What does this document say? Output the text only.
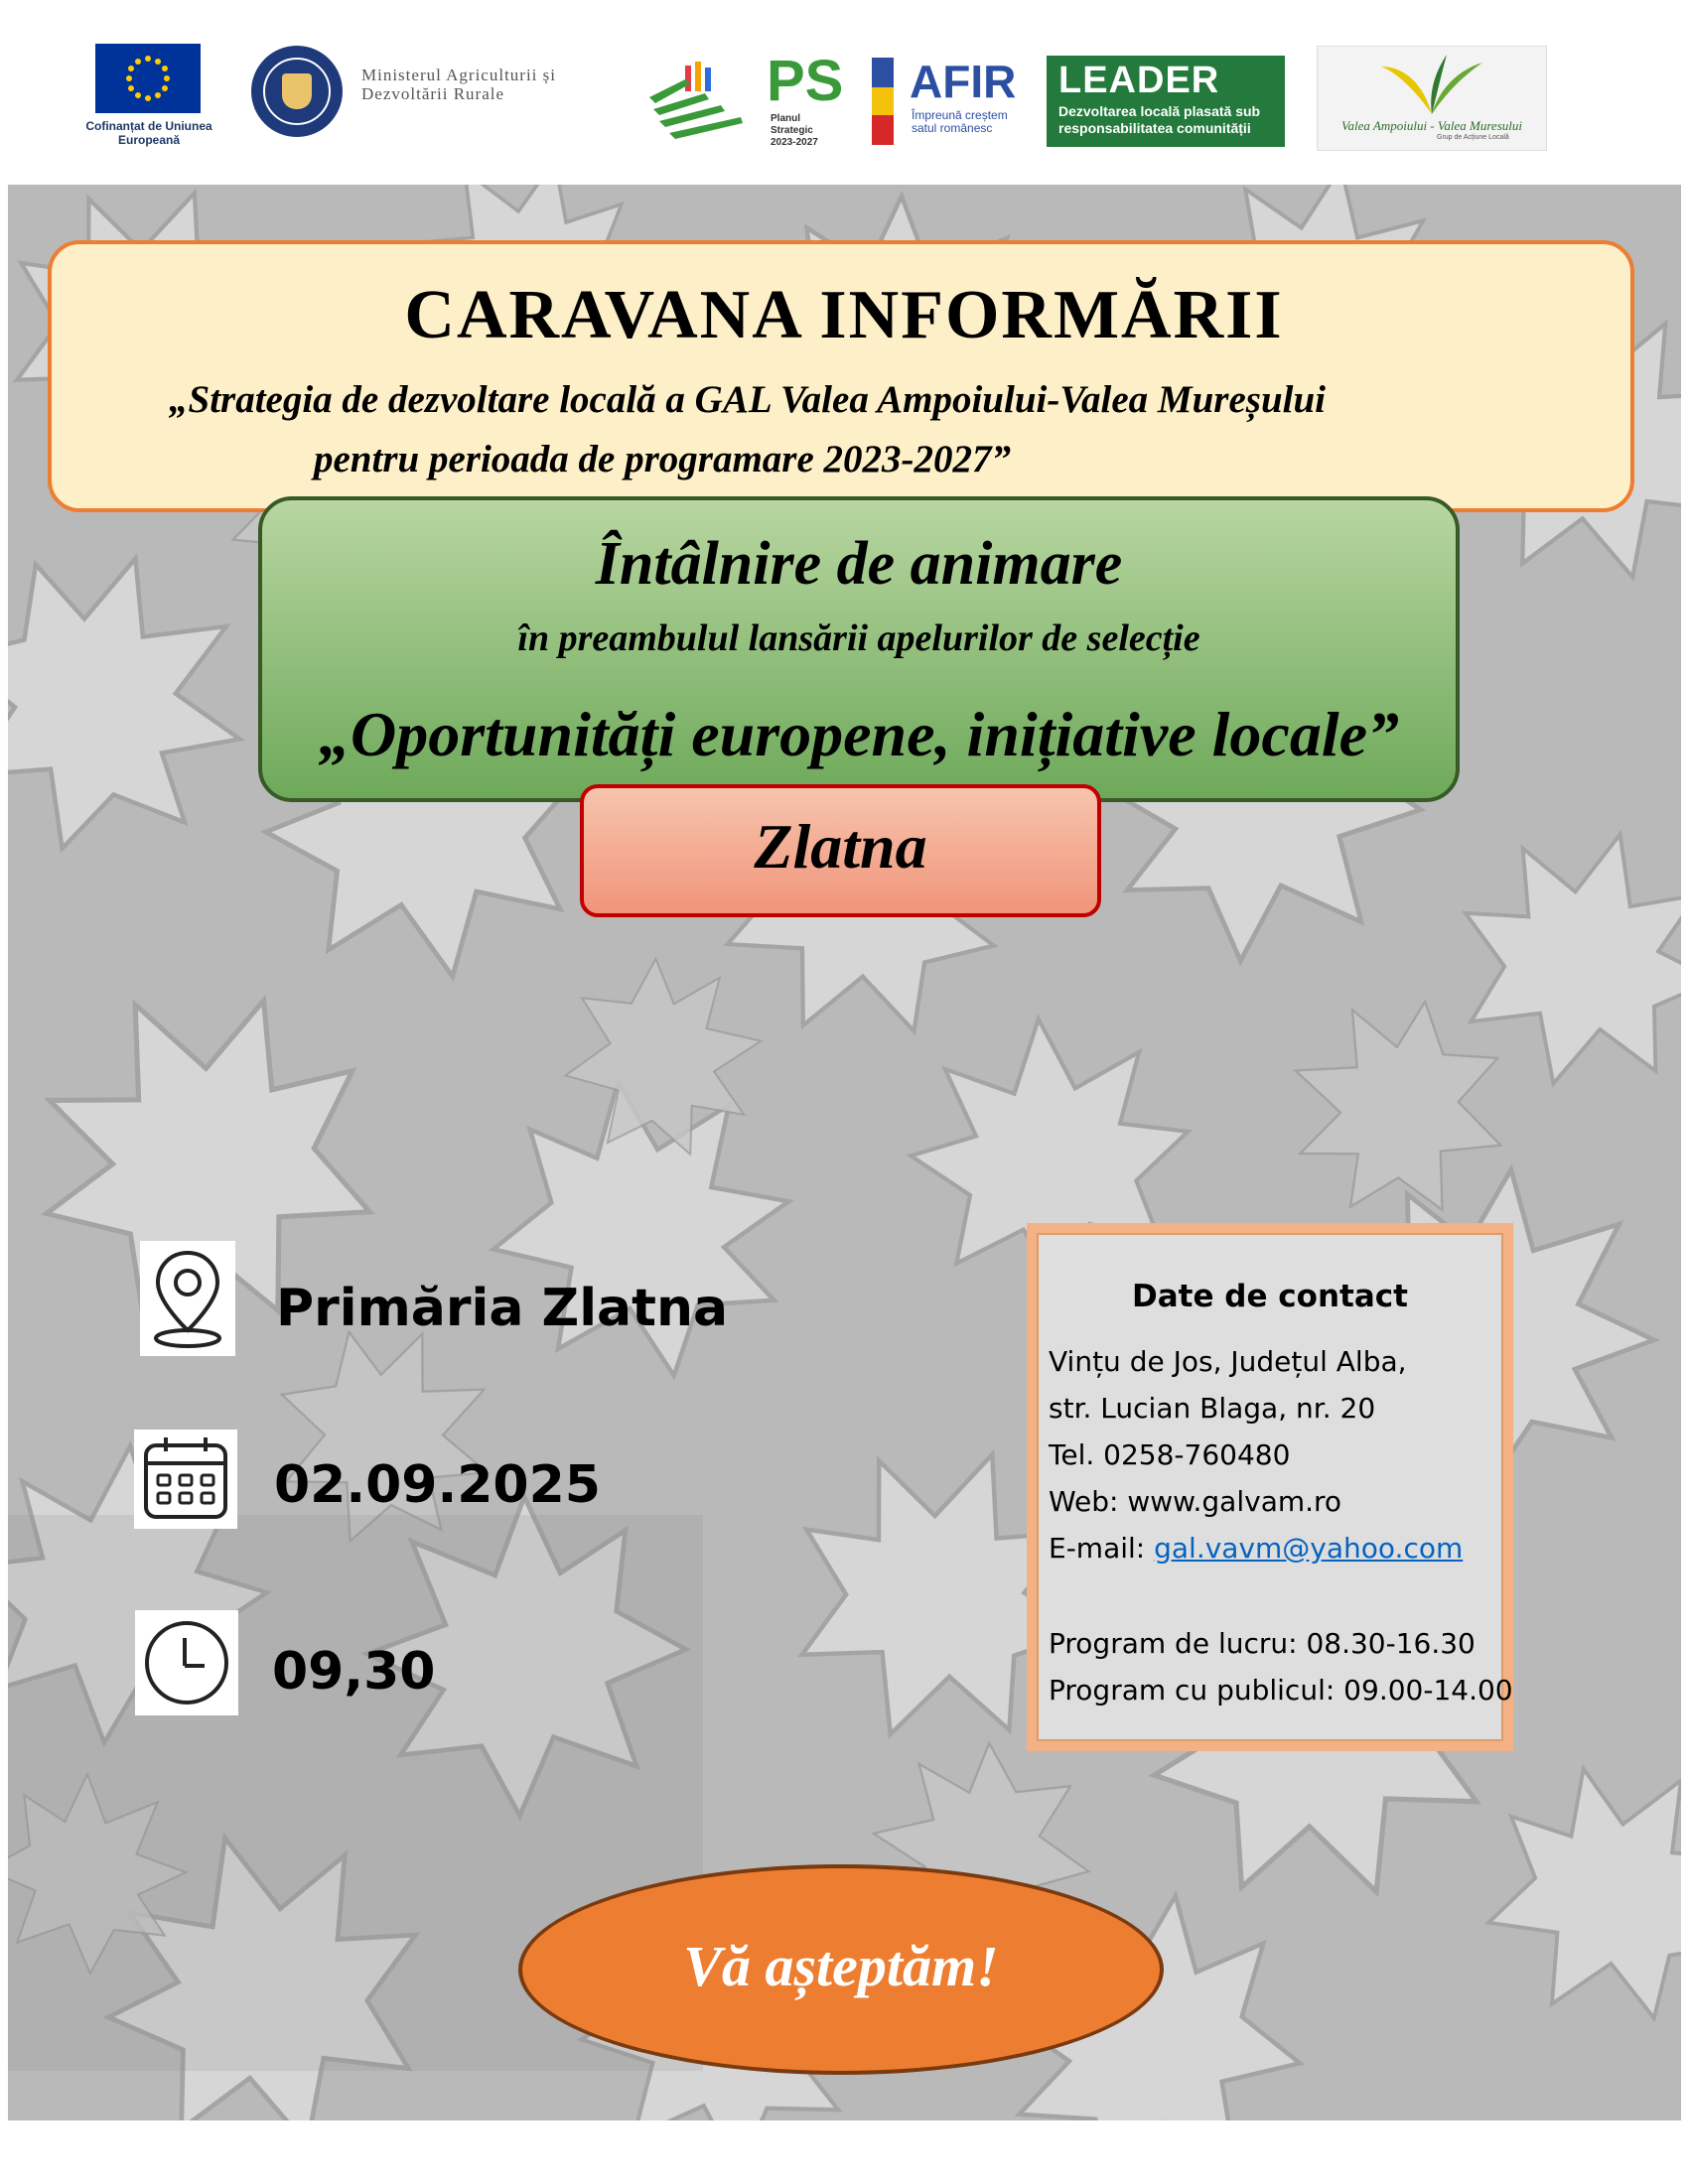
Cofinanțat de Uniunea Europeană
Ministerul Agriculturii și Dezvoltării Rurale	PS
Planul Strategic 2023-2027
AFIR
Împreună creștem satul românesc
LEADER
Dezvoltarea locală plasată sub responsabilitatea comunității	Valea Ampoiului - Valea Muresului
Grup de Acțiune Locală
CARAVANA INFORMĂRII
„Strategia de dezvoltare locală a GAL Valea Ampoiului-Valea Mureșului
pentru perioada de programare 2023-2027”
Întâlnire de animare
în preambulul lansării apelurilor de selecție
„Oportunități europene, inițiative locale”
Zlatna
Primăria Zlatna
02.09.2025
09,30
Date de contact
Vințu de Jos, Județul Alba,
str. Lucian Blaga, nr. 20
Tel. 0258-760480
Web: www.galvam.ro
E-mail: gal.vavm@yahoo.com
Program de lucru: 08.30-16.30
Program cu publicul: 09.00-14.00
Vă așteptăm!
